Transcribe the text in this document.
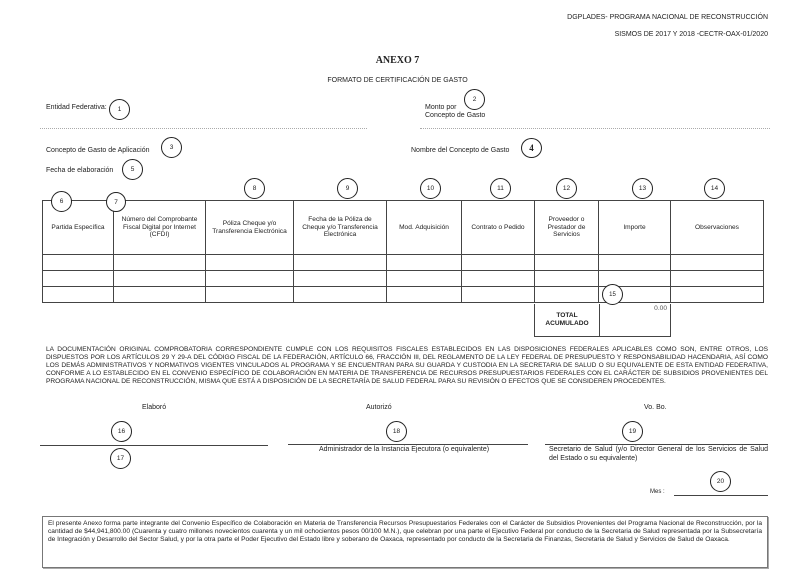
DGPLADES- PROGRAMA NACIONAL DE RECONSTRUCCIÓN
SISMOS DE 2017 Y 2018 -CECTR-OAX-01/2020
ANEXO 7
FORMATO DE CERTIFICACIÓN DE GASTO
Entidad Federativa:	1	Monto por
Concepto de Gasto
2
Concepto de Gasto de Aplicación	3	Nombre del Concepto de Gasto	4
Fecha de elaboración	5
Partida Específica	Número del Comprobante Fiscal Digital por Internet (CFDI)	Póliza Cheque y/o Transferencia Electrónica	Fecha de la Póliza de Cheque y/o Transferencia Electrónica	Mod. Adquisición	Contrato o Pedido	Proveedor o Prestador de Servicios	Importe	Observaciones

6	7
8	9	10	11	12	13	14
TOTAL ACUMULADO
0.00
15
LA DOCUMENTACIÓN ORIGINAL COMPROBATORIA CORRESPONDIENTE CUMPLE CON LOS REQUISITOS FISCALES ESTABLECIDOS EN LAS DISPOSICIONES FEDERALES APLICABLES COMO SON, ENTRE OTROS, LOS DISPUESTOS POR LOS ARTÍCULOS 29 Y 29-A DEL CÓDIGO FISCAL DE LA FEDERACIÓN, ARTÍCULO 66, FRACCIÓN III, DEL REGLAMENTO DE LA LEY FEDERAL DE PRESUPUESTO Y RESPONSABILIDAD HACENDARIA, ASÍ COMO LOS DEMÁS ADMINISTRATIVOS Y NORMATIVOS VIGENTES VINCULADOS AL PROGRAMA Y SE ENCUENTRAN PARA SU GUARDA Y CUSTODIA EN LA SECRETARIA DE SALUD O SU EQUIVALENTE DE ESTA ENTIDAD FEDERATIVA, CONFORME A LO ESTABLECIDO EN EL CONVENIO ESPECÍFICO DE COLABORACIÓN EN MATERIA DE TRANSFERENCIA DE RECURSOS PRESUPUESTARIOS FEDERALES CON EL CARÁCTER DE SUBSIDIOS PROVENIENTES DEL PROGRAMA NACIONAL DE RECONSTRUCCIÓN, MISMA QUE ESTÁ A DISPOSICIÓN DE LA SECRETARÍA DE SALUD FEDERAL PARA SU REVISIÓN O EFECTOS QUE SE CONSIDEREN PROCEDENTES.
Elaboró
16
17
Autorizó
18
Administrador de la Instancia Ejecutora (o equivalente)
Vo. Bo.
19
Secretario de Salud (y/o Director General de los Servicios de Salud del Estado o su equivalente)
Mes :
20
El presente Anexo forma parte integrante del Convenio Específico de Colaboración en Materia de Transferencia Recursos Presupuestarios Federales con el Carácter de Subsidios Provenientes del Programa Nacional de Reconstrucción, por la cantidad de $44,941,800.00 (Cuarenta y cuatro millones novecientos cuarenta y un mil ochocientos pesos 00/100 M.N.), que celebran por una parte el Ejecutivo Federal por conducto de la Secretaria de Salud representada por la Subsecretaría de Integración y Desarrollo del Sector Salud, y por la otra parte el Poder Ejecutivo del Estado libre y soberano de Oaxaca, representado por conducto de la Secretaria de Finanzas, Secretaria de Salud y Servicios de Salud de Oaxaca.
